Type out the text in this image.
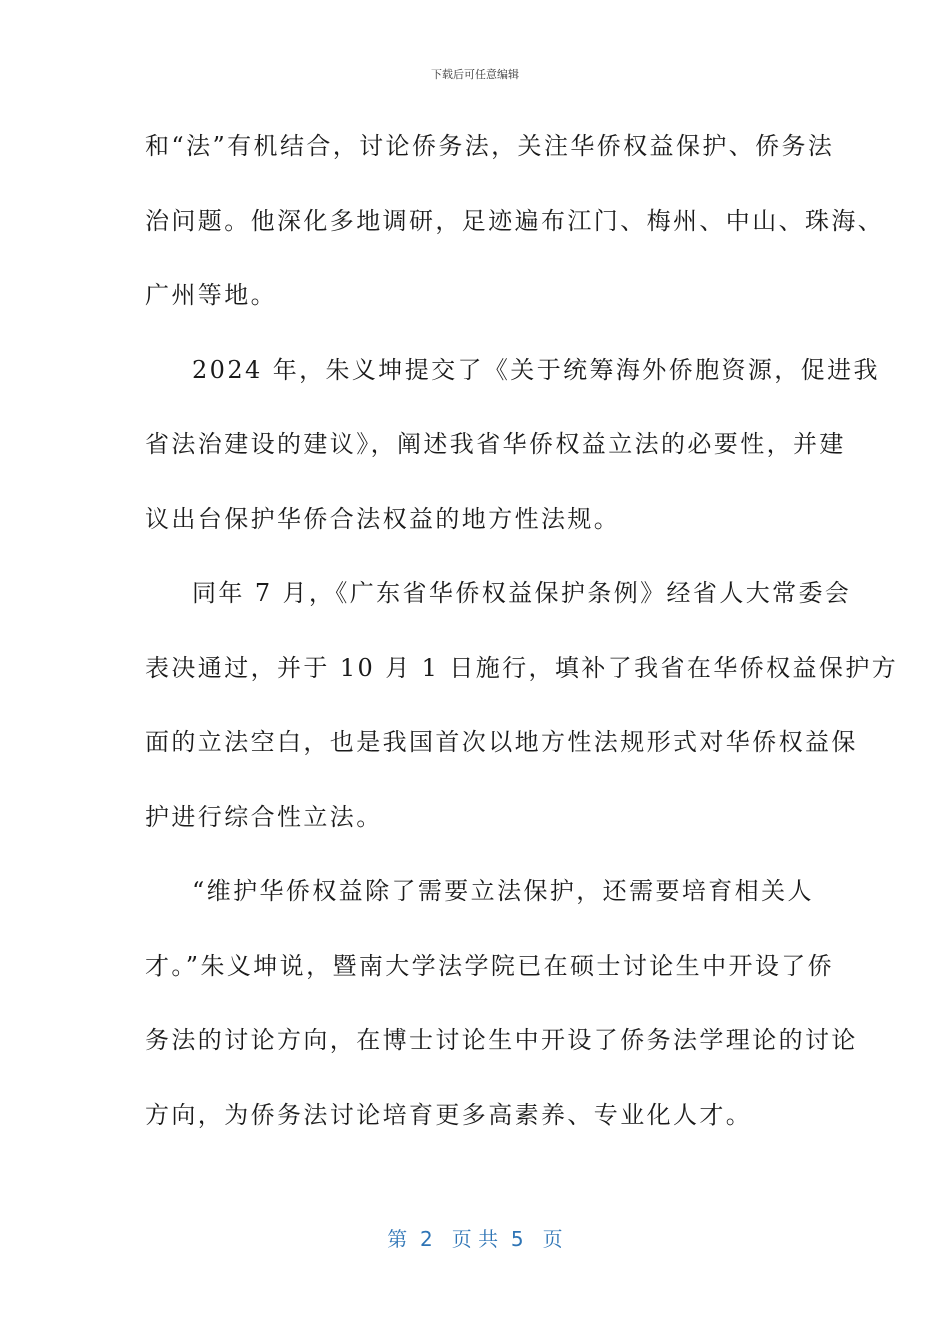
下载后可任意编辑
和“法”有机结合，讨论侨务法，关注华侨权益保护、侨务法
治问题。他深化多地调研，足迹遍布江门、梅州、中山、珠海、
广州等地。
2024 年，朱义坤提交了《关于统筹海外侨胞资源，促进我
省法治建设的建议》，阐述我省华侨权益立法的必要性，并建
议出台保护华侨合法权益的地方性法规。
同年 7 月，《广东省华侨权益保护条例》经省人大常委会
表决通过，并于 10 月 1 日施行，填补了我省在华侨权益保护方
面的立法空白，也是我国首次以地方性法规形式对华侨权益保
护进行综合性立法。
“维护华侨权益除了需要立法保护，还需要培育相关人
才。”朱义坤说，暨南大学法学院已在硕士讨论生中开设了侨
务法的讨论方向，在博士讨论生中开设了侨务法学理论的讨论
方向，为侨务法讨论培育更多高素养、专业化人才。
第  2   页 共  5   页
